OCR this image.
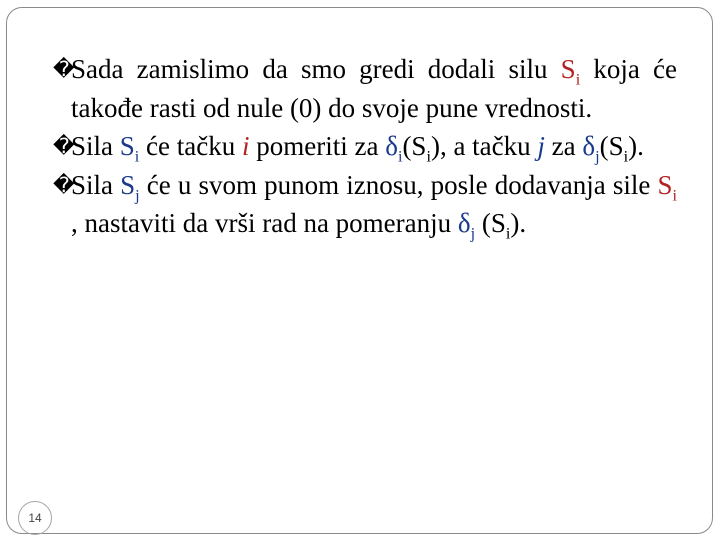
�
Sada zamislimo da smo gredi dodali silu $S_i$ koja će takođe rasti od nule (0) do svoje pune vrednosti.
�
Sila $S_i$ će tačku i pomeriti za $\delta_i(S_i)$, a tačku j za $\delta_j(S_i)$.
�
Sila $S_j$ će u svom punom iznosu, posle dodavanja sile $S_i$ , nastaviti da vrši rad na pomeranju $\delta_j$ $(S_i)$.
14
